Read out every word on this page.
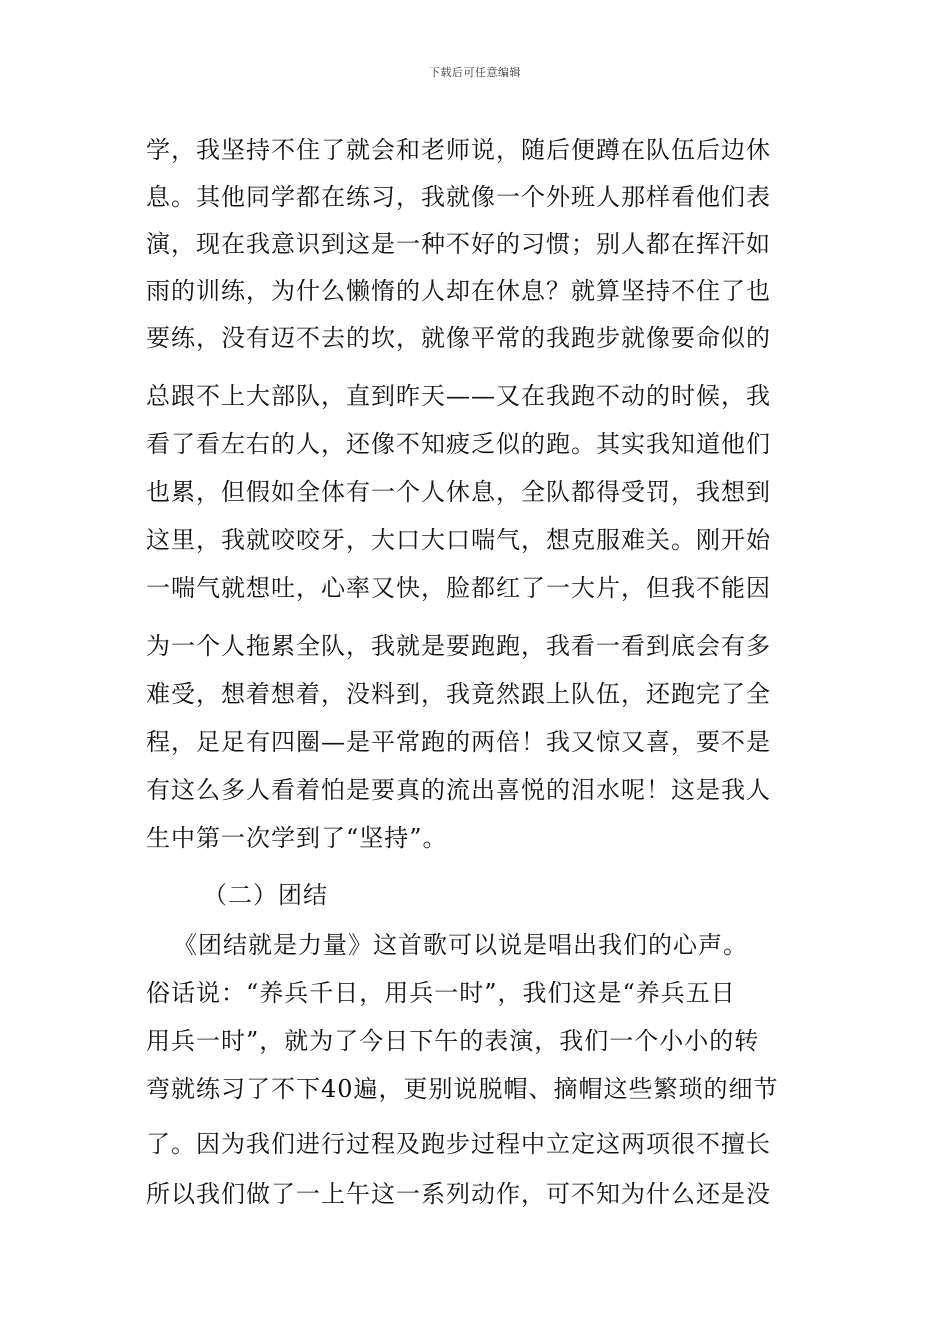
下载后可任意编辑
学，我坚持不住了就会和老师说，随后便蹲在队伍后边休
息。其他同学都在练习，我就像一个外班人那样看他们表
演，现在我意识到这是一种不好的习惯；别人都在挥汗如
雨的训练，为什么懒惰的人却在休息？就算坚持不住了也
要练，没有迈不去的坎，就像平常的我跑步就像要命似的
总跟不上大部队，直到昨天——又在我跑不动的时候，我
看了看左右的人，还像不知疲乏似的跑。其实我知道他们
也累，但假如全体有一个人休息，全队都得受罚，我想到
这里，我就咬咬牙，大口大口喘气，想克服难关。刚开始
一喘气就想吐，心率又快，脸都红了一大片，但我不能因
为一个人拖累全队，我就是要跑跑，我看一看到底会有多
难受，想着想着，没料到，我竟然跟上队伍，还跑完了全
程，足足有四圈—是平常跑的两倍！我又惊又喜，要不是
有这么多人看着怕是要真的流出喜悦的泪水呢！这是我人
生中第一次学到了“坚持”。
（二）团结
《团结就是力量》这首歌可以说是唱出我们的心声。
俗话说：“养兵千日，用兵一时”，我们这是“养兵五日
用兵一时”，就为了今日下午的表演，我们一个小小的转
弯就练习了不下40遍，更别说脱帽、摘帽这些繁琐的细节
了。因为我们进行过程及跑步过程中立定这两项很不擅长
所以我们做了一上午这一系列动作，可不知为什么还是没
